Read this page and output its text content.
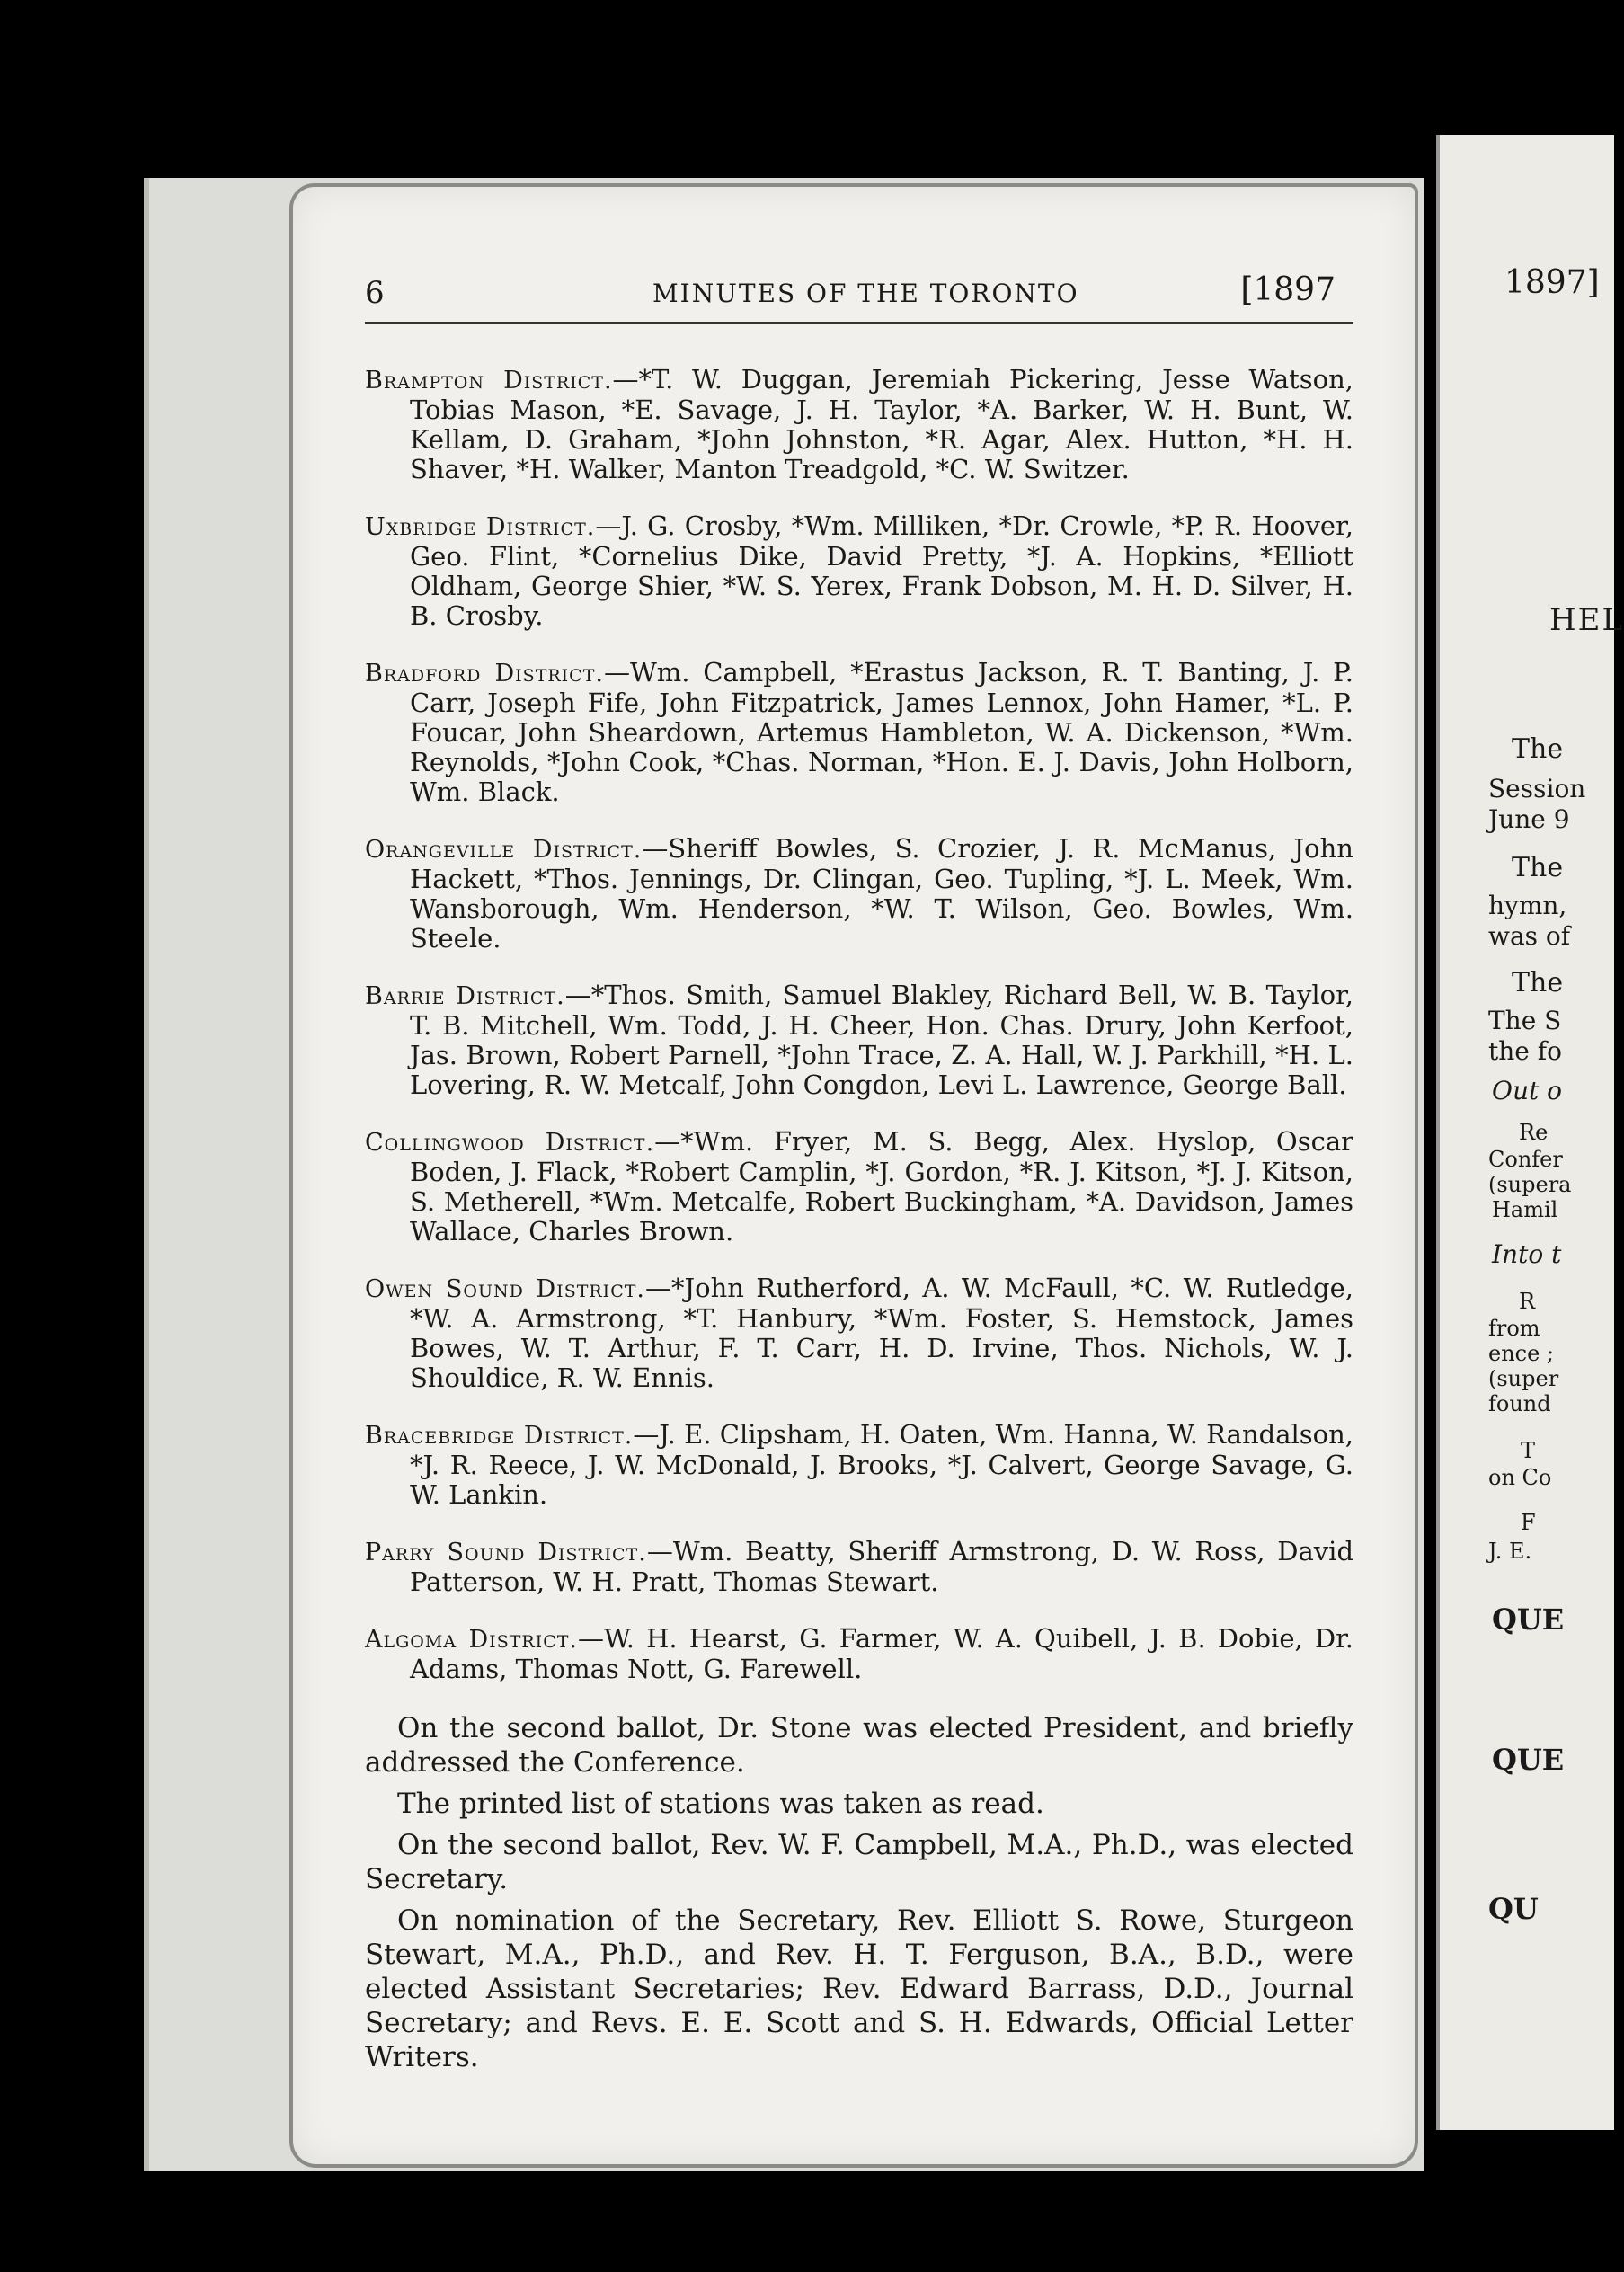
6	MINUTES OF THE TORONTO	[1897

Brampton District.—*T. W. Duggan, Jeremiah Pickering, Jesse Watson, Tobias Mason, *E. Savage, J. H. Taylor, *A. Barker, W. H. Bunt, W. Kellam, D. Graham, *John Johnston, *R. Agar, Alex. Hutton, *H. H. Shaver, *H. Walker, Manton Treadgold, *C. W. Switzer.

Uxbridge District.—J. G. Crosby, *Wm. Milliken, *Dr. Crowle, *P. R. Hoover, Geo. Flint, *Cornelius Dike, David Pretty, *J. A. Hopkins, *Elliott Oldham, George Shier, *W. S. Yerex, Frank Dobson, M. H. D. Silver, H. B. Crosby.

Bradford District.—Wm. Campbell, *Erastus Jackson, R. T. Banting, J. P. Carr, Joseph Fife, John Fitzpatrick, James Lennox, John Hamer, *L. P. Foucar, John Sheardown, Artemus Hambleton, W. A. Dickenson, *Wm. Reynolds, *John Cook, *Chas. Norman, *Hon. E. J. Davis, John Holborn, Wm. Black.

Orangeville District.—Sheriff Bowles, S. Crozier, J. R. McManus, John Hackett, *Thos. Jennings, Dr. Clingan, Geo. Tupling, *J. L. Meek, Wm. Wansborough, Wm. Henderson, *W. T. Wilson, Geo. Bowles, Wm. Steele.

Barrie District.—*Thos. Smith, Samuel Blakley, Richard Bell, W. B. Taylor, T. B. Mitchell, Wm. Todd, J. H. Cheer, Hon. Chas. Drury, John Kerfoot, Jas. Brown, Robert Parnell, *John Trace, Z. A. Hall, W. J. Parkhill, *H. L. Lovering, R. W. Metcalf, John Congdon, Levi L. Lawrence, George Ball.

Collingwood District.—*Wm. Fryer, M. S. Begg, Alex. Hyslop, Oscar Boden, J. Flack, *Robert Camplin, *J. Gordon, *R. J. Kitson, *J. J. Kitson, S. Metherell, *Wm. Metcalfe, Robert Buckingham, *A. Davidson, James Wallace, Charles Brown.

Owen Sound District.—*John Rutherford, A. W. McFaull, *C. W. Rutledge, *W. A. Armstrong, *T. Hanbury, *Wm. Foster, S. Hemstock, James Bowes, W. T. Arthur, F. T. Carr, H. D. Irvine, Thos. Nichols, W. J. Shouldice, R. W. Ennis.

Bracebridge District.—J. E. Clipsham, H. Oaten, Wm. Hanna, W. Randalson, *J. R. Reece, J. W. McDonald, J. Brooks, *J. Calvert, George Savage, G. W. Lankin.

Parry Sound District.—Wm. Beatty, Sheriff Armstrong, D. W. Ross, David Patterson, W. H. Pratt, Thomas Stewart.

Algoma District.—W. H. Hearst, G. Farmer, W. A. Quibell, J. B. Dobie, Dr. Adams, Thomas Nott, G. Farewell.

On the second ballot, Dr. Stone was elected President, and briefly addressed the Conference.

The printed list of stations was taken as read.

On the second ballot, Rev. W. F. Campbell, M.A., Ph.D., was elected Secretary.

On nomination of the Secretary, Rev. Elliott S. Rowe, Sturgeon Stewart, M.A., Ph.D., and Rev. H. T. Ferguson, B.A., B.D., were elected Assistant Secretaries; Rev. Edward Barrass, D.D., Journal Secretary; and Revs. E. E. Scott and S. H. Edwards, Official Letter Writers.

1897]
HEL
The
Session
June 9
The
hymn,
was of
The
The S
the fo
Out o
Re
Confer
(supera
Hamil
Into t
R
from
ence ;
(super
found
T
on Co
F
J. E.
QUE
QUE
QU
